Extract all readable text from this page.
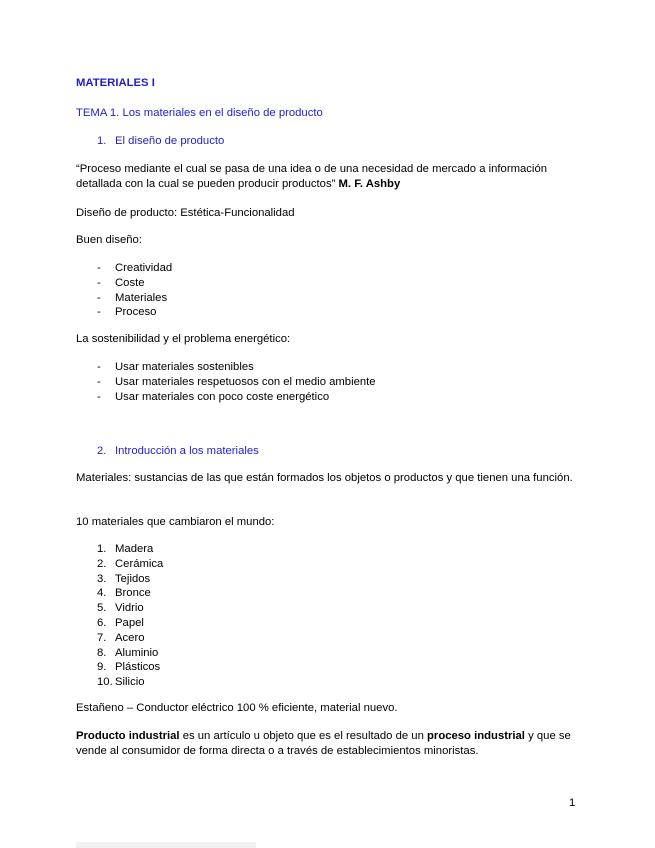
MATERIALES I
TEMA 1. Los materiales en el diseño de producto
1. El diseño de producto
“Proceso mediante el cual se pasa de una idea o de una necesidad de mercado a información detallada con la cual se pueden producir productos” M. F. Ashby
Diseño de producto: Estética-Funcionalidad
Buen diseño:
- Creatividad
- Coste
- Materiales
- Proceso
La sostenibilidad y el problema energético:
- Usar materiales sostenibles
- Usar materiales respetuosos con el medio ambiente
- Usar materiales con poco coste energético
2. Introducción a los materiales
Materiales: sustancias de las que están formados los objetos o productos y que tienen una función.
10 materiales que cambiaron el mundo:
1. Madera
2. Cerámica
3. Tejidos
4. Bronce
5. Vidrio
6. Papel
7. Acero
8. Aluminio
9. Plásticos
10. Silicio
Estañeno – Conductor eléctrico 100 % eficiente, material nuevo.
Producto industrial es un artículo u objeto que es el resultado de un proceso industrial y que se vende al consumidor de forma directa o a través de establecimientos minoristas.
1
